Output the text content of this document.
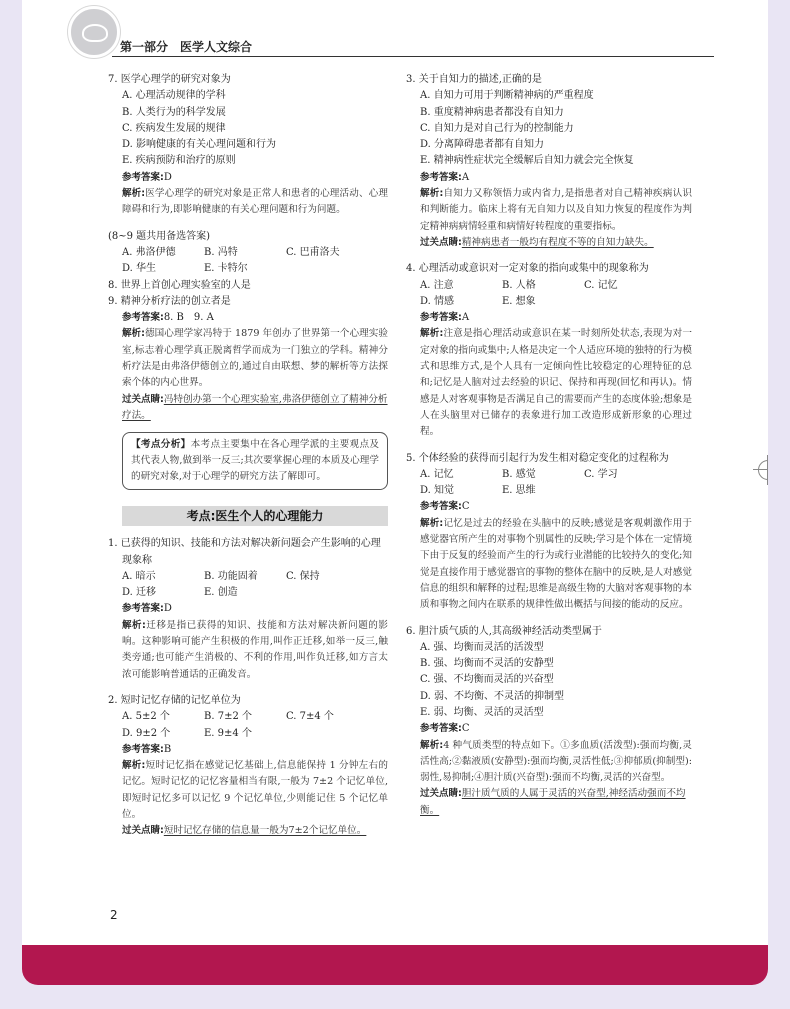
第一部分　医学人文综合

7. 医学心理学的研究对象为

A. 心理活动规律的学科

B. 人类行为的科学发展

C. 疾病发生发展的规律

D. 影响健康的有关心理问题和行为

E. 疾病预防和治疗的原则

参考答案:D

解析:医学心理学的研究对象是正常人和患者的心理活动、心理障碍和行为,即影响健康的有关心理问题和行为问题。

(8~9 题共用备选答案)

A. 弗洛伊德	B. 冯特	C. 巴甫洛夫
D. 华生	E. 卡特尔

8. 世界上首创心理实验室的人是

9. 精神分析疗法的创立者是

参考答案:8. B　9. A

解析:德国心理学家冯特于 1879 年创办了世界第一个心理实验室,标志着心理学真正脱离哲学而成为一门独立的学科。精神分析疗法是由弗洛伊德创立的,通过自由联想、梦的解析等方法探索个体的内心世界。

过关点睛:冯特创办第一个心理实验室,弗洛伊德创立了精神分析疗法。

【考点分析】本考点主要集中在各心理学派的主要观点及其代表人物,做到举一反三;其次要掌握心理的本质及心理学的研究对象,对于心理学的研究方法了解即可。
考点:医生个人的心理能力

1. 已获得的知识、技能和方法对解决新问题会产生影响的心理现象称

A. 暗示	B. 功能固着	C. 保持
D. 迁移	E. 创造

参考答案:D

解析:迁移是指已获得的知识、技能和方法对解决新问题的影响。这种影响可能产生积极的作用,叫作正迁移,如举一反三,触类旁通;也可能产生消极的、不利的作用,叫作负迁移,如方言太浓可能影响普通话的正确发音。

2. 短时记忆存储的记忆单位为

A. 5±2 个	B. 7±2 个	C. 7±4 个
D. 9±2 个	E. 9±4 个

参考答案:B

解析:短时记忆指在感觉记忆基础上,信息能保持 1 分钟左右的记忆。短时记忆的记忆容量相当有限,一般为 7±2 个记忆单位,即短时记忆多可以记忆 9 个记忆单位,少则能记住 5 个记忆单位。

过关点睛:短时记忆存储的信息量一般为7±2个记忆单位。

3. 关于自知力的描述,正确的是

A. 自知力可用于判断精神病的严重程度

B. 重度精神病患者都没有自知力

C. 自知力是对自己行为的控制能力

D. 分离障碍患者都有自知力

E. 精神病性症状完全缓解后自知力就会完全恢复

参考答案:A

解析:自知力又称领悟力或内省力,是指患者对自己精神疾病认识和判断能力。临床上将有无自知力以及自知力恢复的程度作为判定精神病病情轻重和病情好转程度的重要指标。

过关点睛:精神病患者一般均有程度不等的自知力缺失。

4. 心理活动或意识对一定对象的指向或集中的现象称为

A. 注意	B. 人格	C. 记忆
D. 情感	E. 想象

参考答案:A

解析:注意是指心理活动或意识在某一时刻所处状态,表现为对一定对象的指向或集中;人格是决定一个人适应环境的独特的行为模式和思维方式,是个人具有一定倾向性比较稳定的心理特征的总和;记忆是人脑对过去经验的识记、保持和再现(回忆和再认)。情感是人对客观事物是否满足自己的需要而产生的态度体验;想象是人在头脑里对已储存的表象进行加工改造形成新形象的心理过程。

5. 个体经验的获得而引起行为发生相对稳定变化的过程称为

A. 记忆	B. 感觉	C. 学习
D. 知觉	E. 思维

参考答案:C

解析:记忆是过去的经验在头脑中的反映;感觉是客观刺激作用于感觉器官所产生的对事物个别属性的反映;学习是个体在一定情境下由于反复的经验而产生的行为或行业潜能的比较持久的变化;知觉是直接作用于感觉器官的事物的整体在脑中的反映,是人对感觉信息的组织和解释的过程;思维是高级生物的大脑对客观事物的本质和事物之间内在联系的规律性做出概括与间接的能动的反应。

6. 胆汁质气质的人,其高级神经活动类型属于

A. 强、均衡而灵活的活泼型

B. 强、均衡而不灵活的安静型

C. 强、不均衡而灵活的兴奋型

D. 弱、不均衡、不灵活的抑制型

E. 弱、均衡、灵活的灵活型

参考答案:C

解析:4 种气质类型的特点如下。①多血质(活泼型):强而均衡,灵活性高;②黏液质(安静型):强而均衡,灵活性低;③抑郁质(抑制型):弱性,易抑制;④胆汁质(兴奋型):强而不均衡,灵活的兴奋型。

过关点睛:胆汁质气质的人属于灵活的兴奋型,神经活动强而不均衡。

2
